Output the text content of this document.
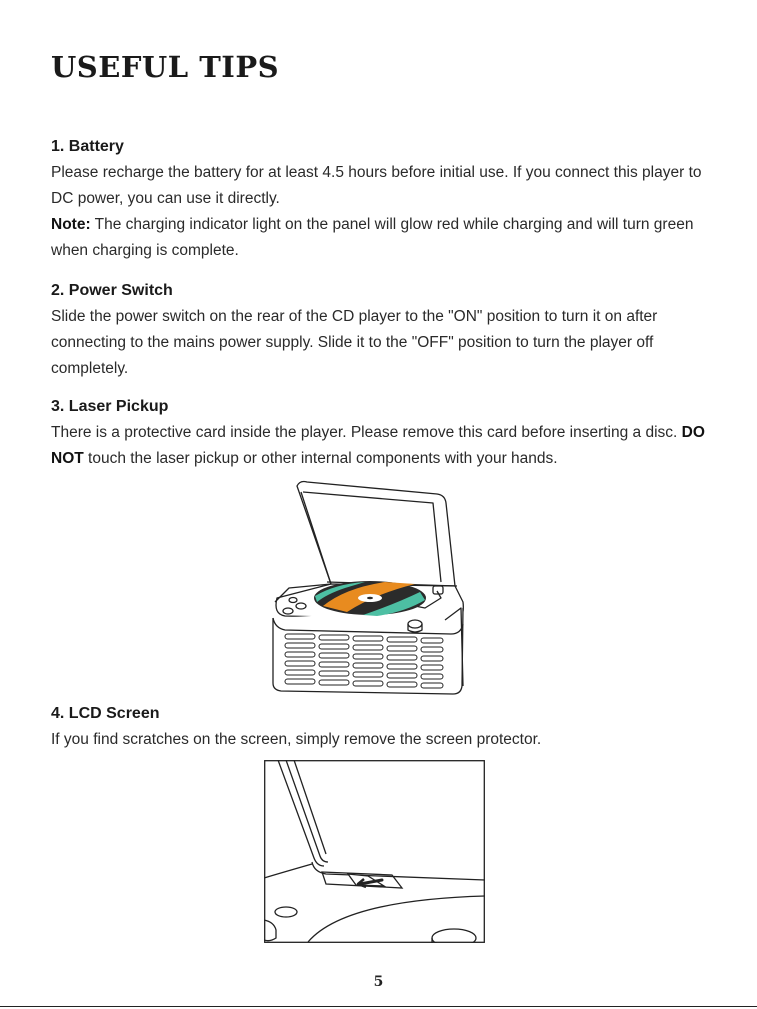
USEFUL TIPS
1. Battery

Please recharge the battery for at least 4.5 hours before initial use. If you connect this player to DC power, you can use it directly.

Note: The charging indicator light on the panel will glow red while charging and will turn green when charging is complete.

2. Power Switch

Slide the power switch on the rear of the CD player to the "ON" position to turn it on after connecting to the mains power supply. Slide it to the "OFF" position to turn the player off completely.

3. Laser Pickup

There is a protective card inside the player. Please remove this card before inserting a disc. DO NOT touch the laser pickup or other internal components with your hands.

4. LCD Screen

If you find scratches on the screen, simply remove the screen protector.

5
